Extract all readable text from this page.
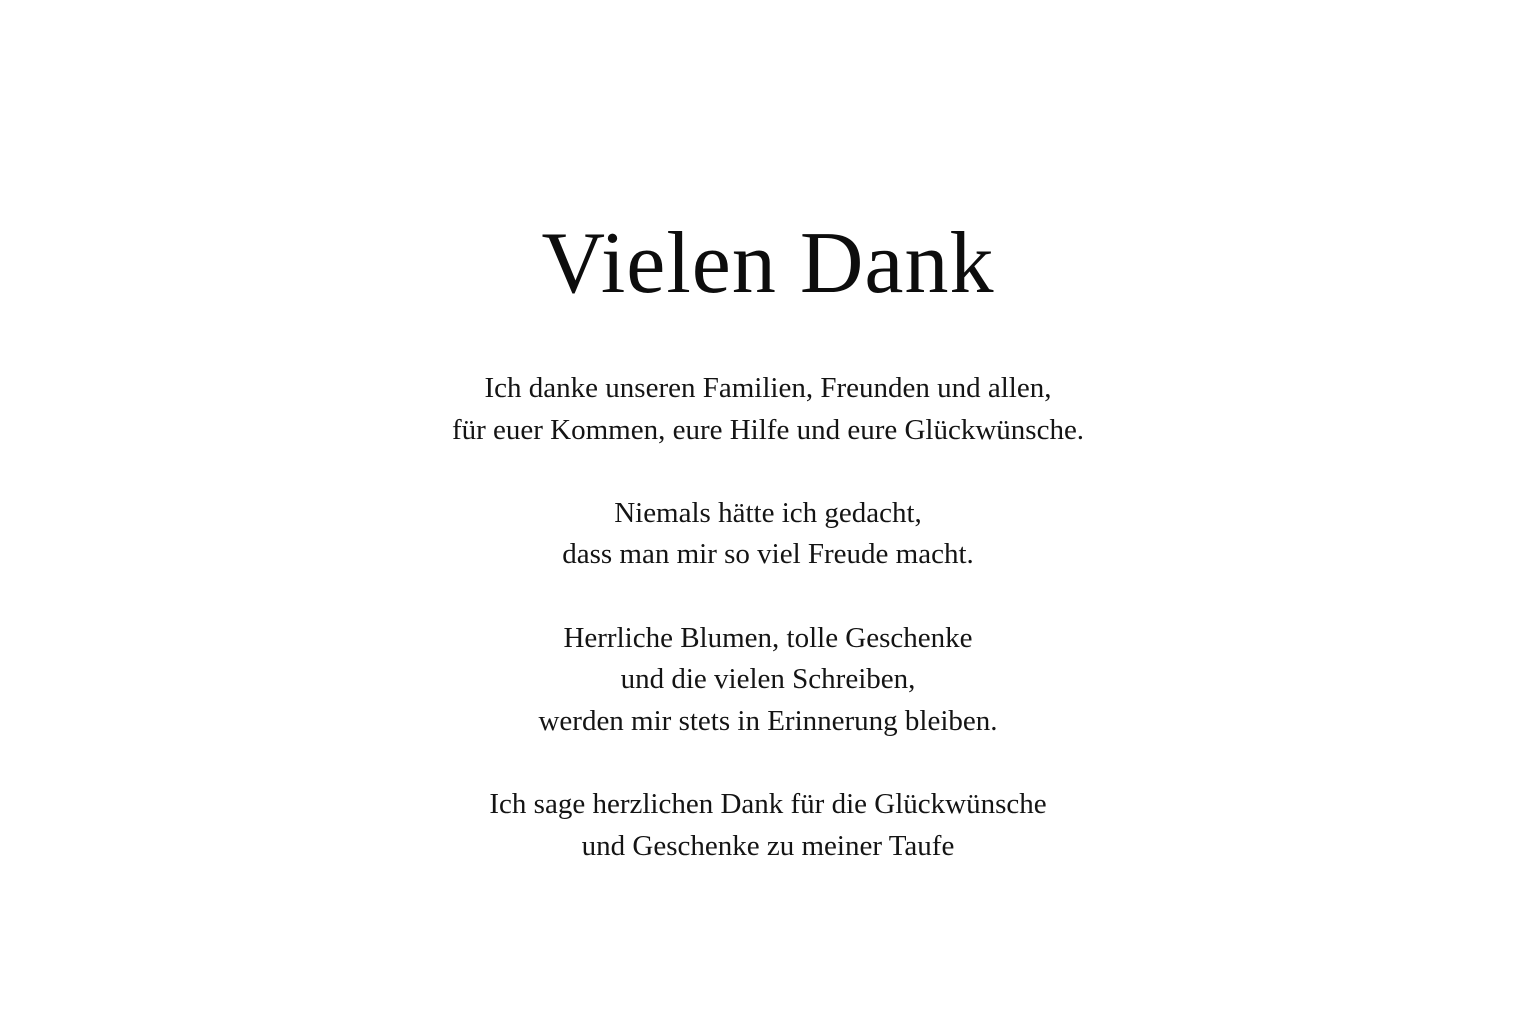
Vielen Dank

Ich danke unseren Familien, Freunden und allen,
für euer Kommen, eure Hilfe und eure Glückwünsche.

Niemals hätte ich gedacht,
dass man mir so viel Freude macht.

Herrliche Blumen, tolle Geschenke
und die vielen Schreiben,
werden mir stets in Erinnerung bleiben.

Ich sage herzlichen Dank für die Glückwünsche
und Geschenke zu meiner Taufe
